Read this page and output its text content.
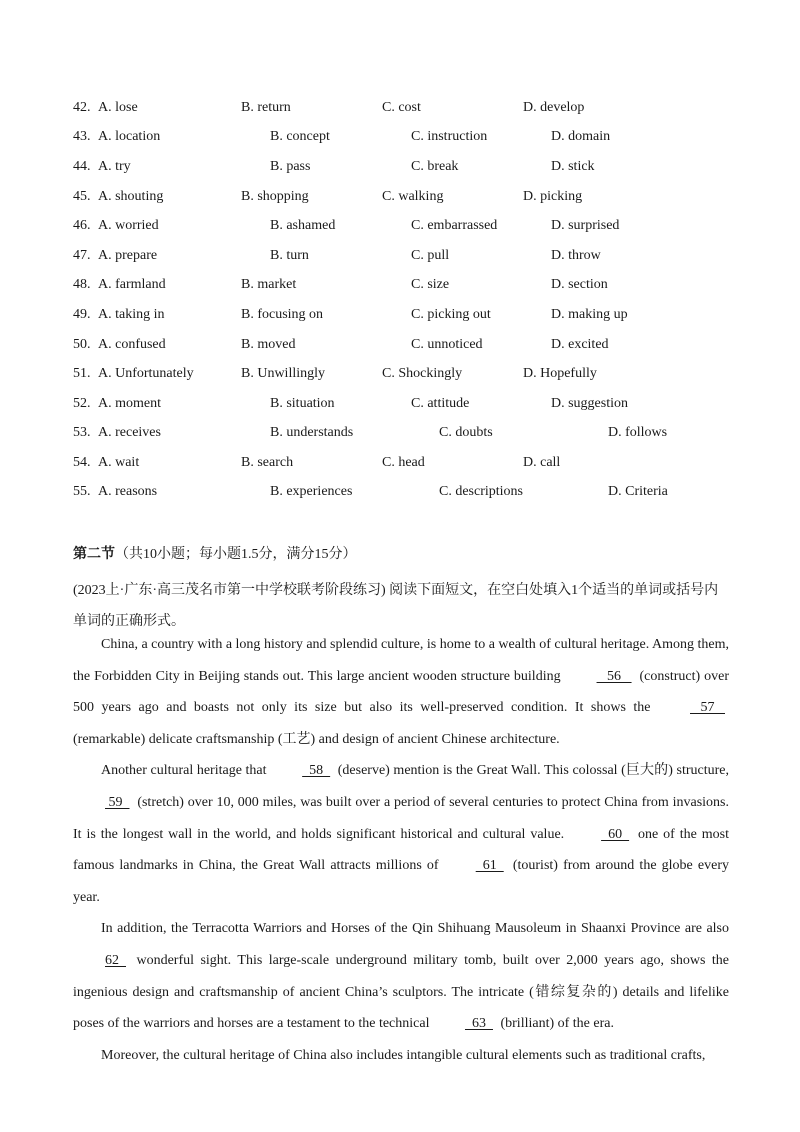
42. A. lose	B. return	C. cost	D. develop
43. A. location	B. concept	C. instruction	D. domain
44. A. try	B. pass	C. break	D. stick
45. A. shouting	B. shopping	C. walking	D. picking
46. A. worried	B. ashamed	C. embarrassed	D. surprised
47. A. prepare	B. turn	C. pull	D. throw
48. A. farmland	B. market	C. size	D. section
49. A. taking in	B. focusing on	C. picking out	D. making up
50. A. confused	B. moved	C. unnoticed	D. excited
51. A. Unfortunately	B. Unwillingly	C. Shockingly	D. Hopefully
52. A. moment	B. situation	C. attitude	D. suggestion
53. A. receives	B. understands	C. doubts	D. follows
54. A. wait	B. search	C. head	D. call
55. A. reasons	B. experiences	C. descriptions	D. Criteria
第二节（共10小题；每小题1.5分，满分15分）
(2023上·广东·高三茂名市第一中学校联考阶段练习) 阅读下面短文，在空白处填入1个适当的单词或括号内单词的正确形式。

China, a country with a long history and splendid culture, is home to a wealth of cultural heritage. Among them, the Forbidden City in Beijing stands out. This large ancient wooden structure building    56    (construct) over 500 years ago and boasts not only its size but also its well-preserved condition. It shows the    57    (remarkable) delicate craftsmanship (工艺) and design of ancient Chinese architecture.

Another cultural heritage that   58   (deserve) mention is the Great Wall. This colossal (巨大的) structure,  59   (stretch) over 10, 000 miles, was built over a period of several centuries to protect China from invasions. It is the longest wall in the world, and holds significant historical and cultural value.   60   one of the most famous landmarks in China, the Great Wall attracts millions of   61   (tourist) from around the globe every year.

In addition, the Terracotta Warriors and Horses of the Qin Shihuang Mausoleum in Shaanxi Province are also 62   wonderful sight. This large-scale underground military tomb, built over 2,000 years ago, shows the ingenious design and craftsmanship of ancient China’s sculptors. The intricate (错综复杂的) details and lifelike poses of the warriors and horses are a testament to the technical   63   (brilliant) of the era.

Moreover, the cultural heritage of China also includes intangible cultural elements such as traditional crafts,
